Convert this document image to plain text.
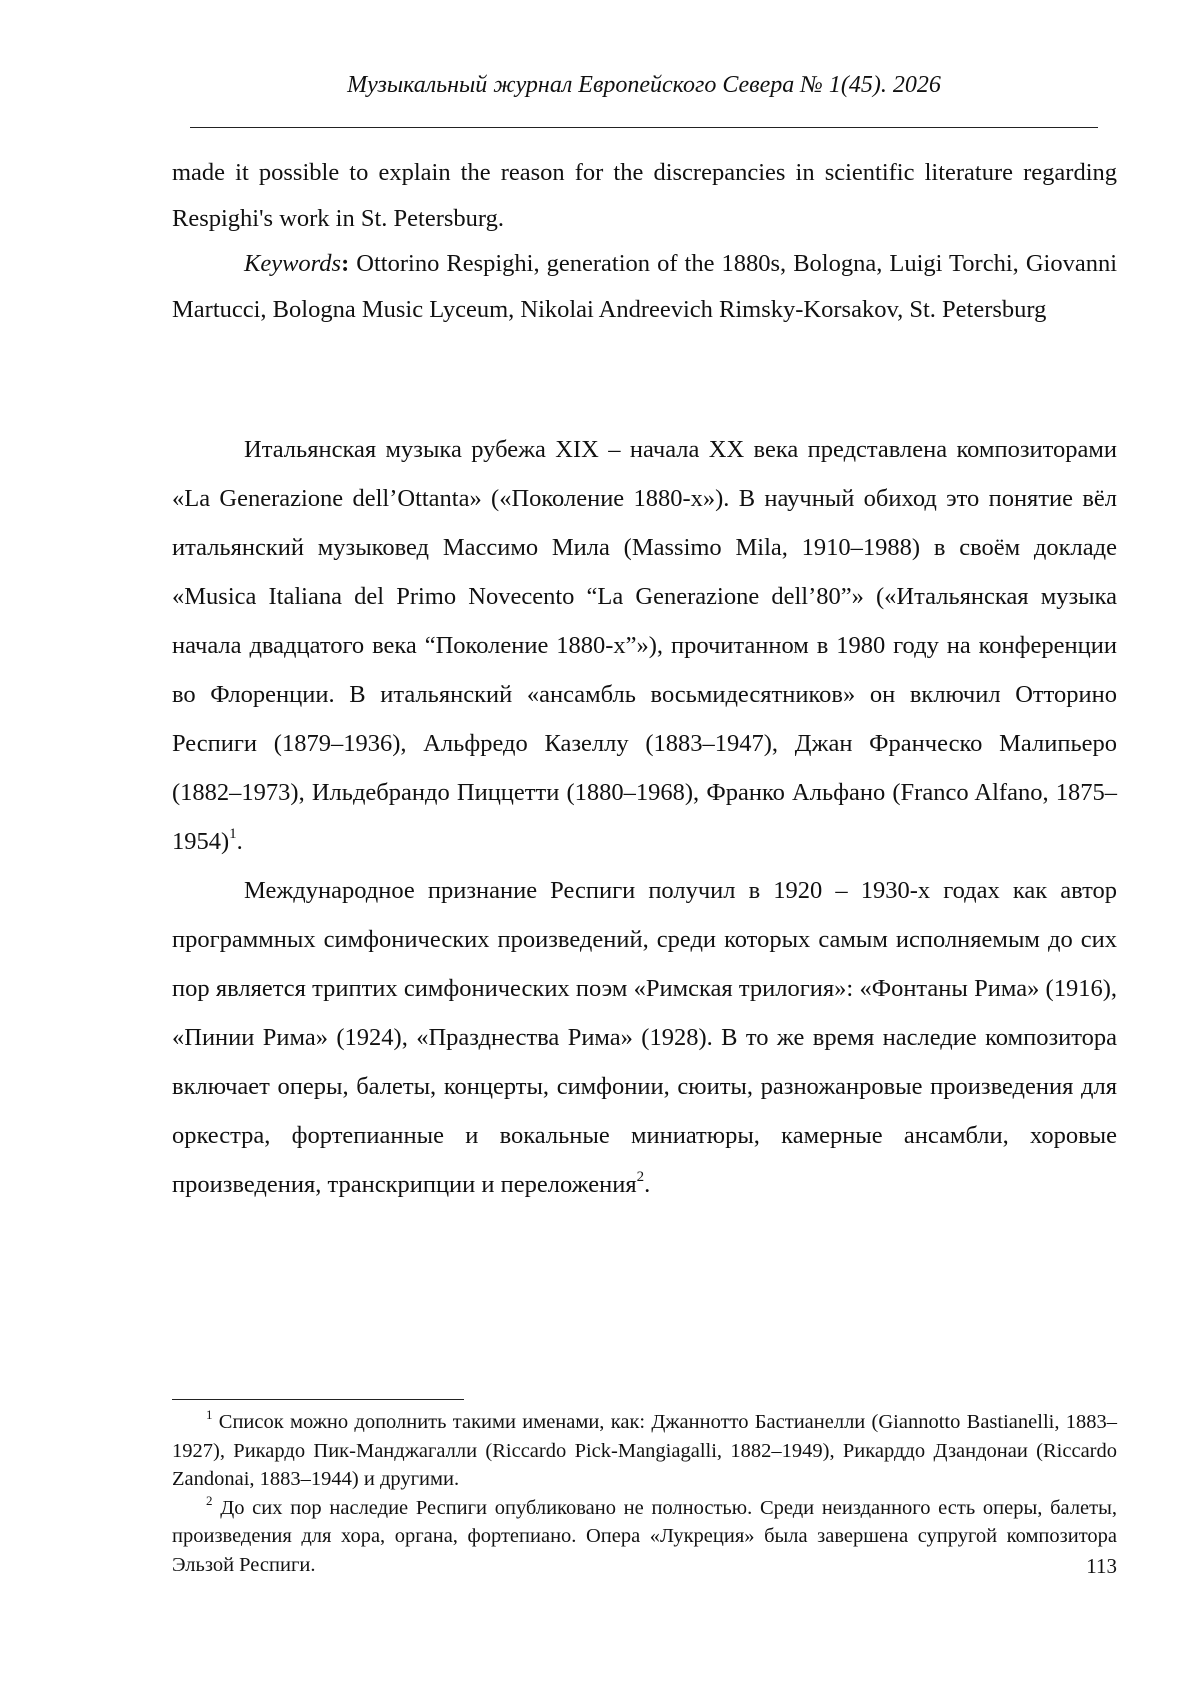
Музыкальный журнал Европейского Севера № 1(45). 2026

made it possible to explain the reason for the discrepancies in scientific literature regarding Respighi's work in St. Petersburg.

Keywords: Ottorino Respighi, generation of the 1880s, Bologna, Luigi Torchi, Giovanni Martucci, Bologna Music Lyceum, Nikolai Andreevich Rimsky-Korsakov, St. Petersburg

Итальянская музыка рубежа XIX – начала XX века представлена композиторами «La Generazione dell’Ottanta» («Поколение 1880-х»). В научный обиход это понятие вёл итальянский музыковед Массимо Мила (Massimo Mila, 1910–1988) в своём докладе «Musica Italiana del Primo Novecento “La Generazione dell’80”» («Итальянская музыка начала двадцатого века “Поколение 1880-х”»), прочитанном в 1980 году на конференции во Флоренции. В итальянский «ансамбль восьмидесятников» он включил Отторино Респиги (1879–1936), Альфредо Казеллу (1883–1947), Джан Франческо Малипьеро (1882–1973), Ильдебрандо Пиццетти (1880–1968), Франко Альфано (Franco Alfano, 1875–1954)$^1$.

Международное признание Респиги получил в 1920 – 1930-х годах как автор программных симфонических произведений, среди которых самым исполняемым до сих пор является триптих симфонических поэм «Римская трилогия»: «Фонтаны Рима» (1916), «Пинии Рима» (1924), «Празднества Рима» (1928). В то же время наследие композитора включает оперы, балеты, концерты, симфонии, сюиты, разножанровые произведения для оркестра, фортепианные и вокальные миниатюры, камерные ансамбли, хоровые произведения, транскрипции и переложения$^2$.

$^1$ Список можно дополнить такими именами, как: Джаннотто Бастианелли (Giannotto Bastianelli, 1883–1927), Рикардо Пик-Манджагалли (Riccardo Pick-Mangiagalli, 1882–1949), Рикарддо Дзандонаи (Riccardo Zandonai, 1883–1944) и другими.

$^2$ До сих пор наследие Респиги опубликовано не полностью. Среди неизданного есть оперы, балеты, произведения для хора, органа, фортепиано. Опера «Лукреция» была завершена супругой композитора Эльзой Респиги.	113
